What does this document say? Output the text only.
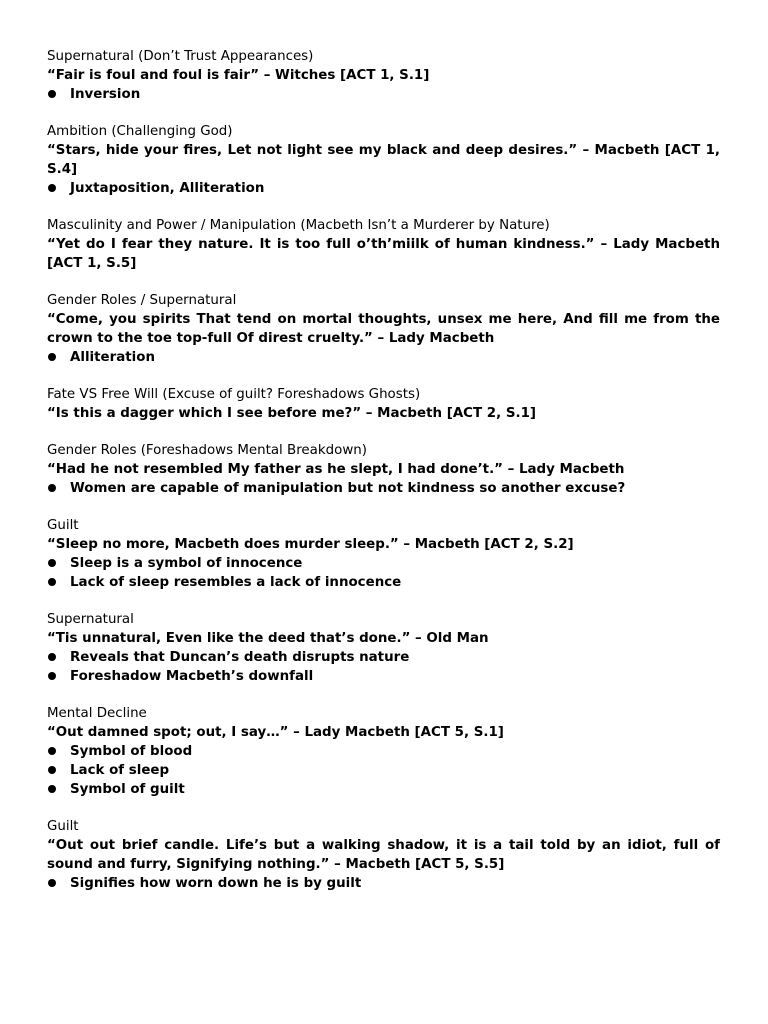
Supernatural (Don’t Trust Appearances)
“Fair is foul and foul is fair” – Witches [ACT 1, S.1]
Inversion
Ambition (Challenging God)
“Stars, hide your fires, Let not light see my black and deep desires.” – Macbeth [ACT 1, S.4]
Juxtaposition, Alliteration
Masculinity and Power / Manipulation (Macbeth Isn’t a Murderer by Nature)
“Yet do I fear they nature. It is too full o’th’miilk of human kindness.” – Lady Macbeth [ACT 1, S.5]
Gender Roles / Supernatural
“Come, you spirits That tend on mortal thoughts, unsex me here, And fill me from the crown to the toe top-full Of direst cruelty.” – Lady Macbeth
Alliteration
Fate VS Free Will (Excuse of guilt? Foreshadows Ghosts)
“Is this a dagger which I see before me?” – Macbeth [ACT 2, S.1]
Gender Roles (Foreshadows Mental Breakdown)
“Had he not resembled My father as he slept, I had done’t.” – Lady Macbeth
Women are capable of manipulation but not kindness so another excuse?
Guilt
“Sleep no more, Macbeth does murder sleep.” – Macbeth [ACT 2, S.2]
Sleep is a symbol of innocence
Lack of sleep resembles a lack of innocence
Supernatural
“Tis unnatural, Even like the deed that’s done.” – Old Man
Reveals that Duncan’s death disrupts nature
Foreshadow Macbeth’s downfall
Mental Decline
“Out damned spot; out, I say…” – Lady Macbeth [ACT 5, S.1]
Symbol of blood
Lack of sleep
Symbol of guilt
Guilt
“Out out brief candle. Life’s but a walking shadow, it is a tail told by an idiot, full of sound and furry, Signifying nothing.” – Macbeth [ACT 5, S.5]
Signifies how worn down he is by guilt
